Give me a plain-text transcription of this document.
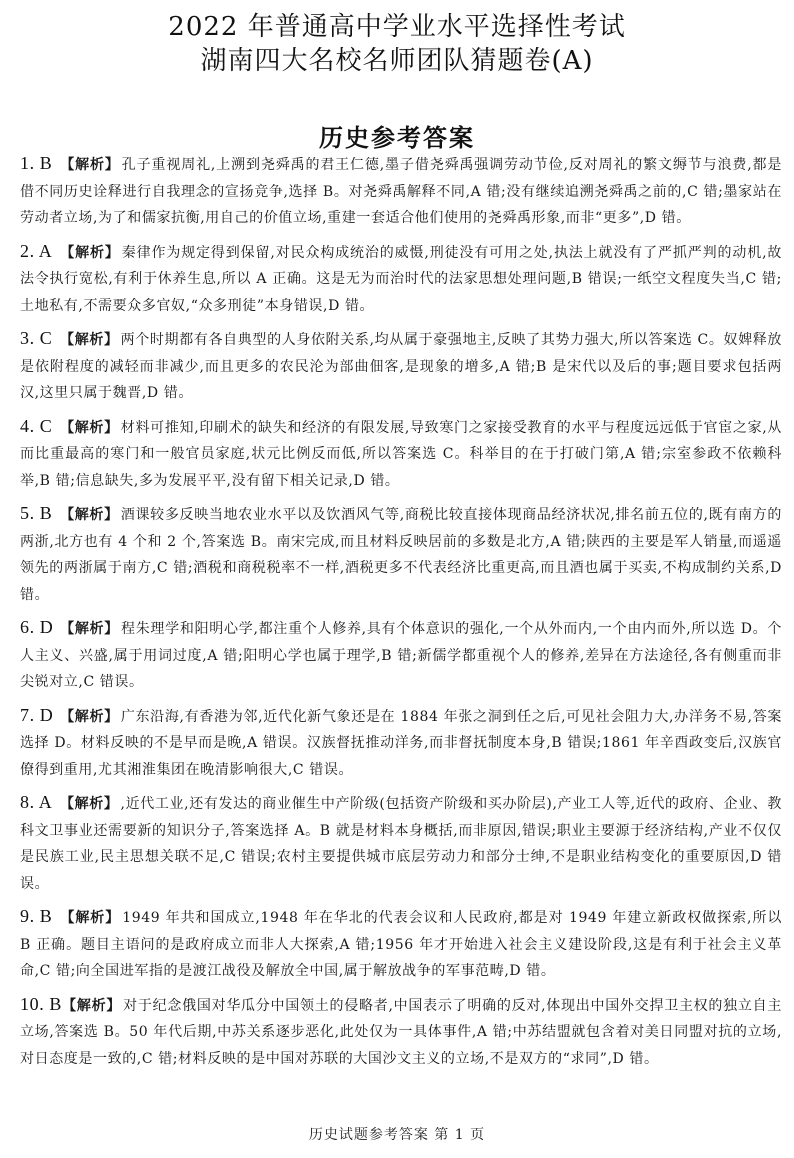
2022 年普通高中学业水平选择性考试
湖南四大名校名师团队猜题卷(A)
历史参考答案
1. B 【解析】 孔子重视周礼,上溯到尧舜禹的君王仁德,墨子借尧舜禹强调劳动节俭,反对周礼的繁文缛节与浪费,都是借不同历史诠释进行自我理念的宣扬竞争,选择 B。对尧舜禹解释不同,A 错;没有继续追溯尧舜禹之前的,C 错;墨家站在劳动者立场,为了和儒家抗衡,用自己的价值立场,重建一套适合他们使用的尧舜禹形象,而非“更多”,D 错。
2. A 【解析】 秦律作为规定得到保留,对民众构成统治的威慑,刑徒没有可用之处,执法上就没有了严抓严判的动机,故法令执行宽松,有利于休养生息,所以 A 正确。这是无为而治时代的法家思想处理问题,B 错误;一纸空文程度失当,C 错;土地私有,不需要众多官奴,“众多刑徒”本身错误,D 错。
3. C 【解析】 两个时期都有各自典型的人身依附关系,均从属于豪强地主,反映了其势力强大,所以答案选 C。奴婢释放是依附程度的减轻而非减少,而且更多的农民沦为部曲佃客,是现象的增多,A 错;B 是宋代以及后的事;题目要求包括两汉,这里只属于魏晋,D 错。
4. C 【解析】 材料可推知,印刷术的缺失和经济的有限发展,导致寒门之家接受教育的水平与程度远远低于官宦之家,从而比重最高的寒门和一般官员家庭,状元比例反而低,所以答案选 C。科举目的在于打破门第,A 错;宗室参政不依赖科举,B 错;信息缺失,多为发展平平,没有留下相关记录,D 错。
5. B 【解析】 酒课较多反映当地农业水平以及饮酒风气等,商税比较直接体现商品经济状况,排名前五位的,既有南方的两浙,北方也有 4 个和 2 个,答案选 B。南宋完成,而且材料反映居前的多数是北方,A 错;陕西的主要是军人销量,而遥遥领先的两浙属于南方,C 错;酒税和商税税率不一样,酒税更多不代表经济比重更高,而且酒也属于买卖,不构成制约关系,D 错。
6. D 【解析】 程朱理学和阳明心学,都注重个人修养,具有个体意识的强化,一个从外而内,一个由内而外,所以选 D。个人主义、兴盛,属于用词过度,A 错;阳明心学也属于理学,B 错;新儒学都重视个人的修养,差异在方法途径,各有侧重而非尖锐对立,C 错误。
7. D 【解析】 广东沿海,有香港为邻,近代化新气象还是在 1884 年张之洞到任之后,可见社会阻力大,办洋务不易,答案选择 D。材料反映的不是早而是晚,A 错误。汉族督抚推动洋务,而非督抚制度本身,B 错误;1861 年辛酉政变后,汉族官僚得到重用,尤其湘淮集团在晚清影响很大,C 错误。
8. A 【解析】 ,近代工业,还有发达的商业催生中产阶级(包括资产阶级和买办阶层),产业工人等,近代的政府、企业、教科文卫事业还需要新的知识分子,答案选择 A。B 就是材料本身概括,而非原因,错误;职业主要源于经济结构,产业不仅仅是民族工业,民主思想关联不足,C 错误;农村主要提供城市底层劳动力和部分士绅,不是职业结构变化的重要原因,D 错误。
9. B 【解析】 1949 年共和国成立,1948 年在华北的代表会议和人民政府,都是对 1949 年建立新政权做探索,所以 B 正确。题目主语问的是政府成立而非人大探索,A 错;1956 年才开始进入社会主义建设阶段,这是有利于社会主义革命,C 错;向全国进军指的是渡江战役及解放全中国,属于解放战争的军事范畴,D 错。
10. B【解析】 对于纪念俄国对华瓜分中国领土的侵略者,中国表示了明确的反对,体现出中国外交捍卫主权的独立自主立场,答案选 B。50 年代后期,中苏关系逐步恶化,此处仅为一具体事件,A 错;中苏结盟就包含着对美日同盟对抗的立场,对日态度是一致的,C 错;材料反映的是中国对苏联的大国沙文主义的立场,不是双方的“求同”,D 错。
历史试题参考答案 第 1 页
